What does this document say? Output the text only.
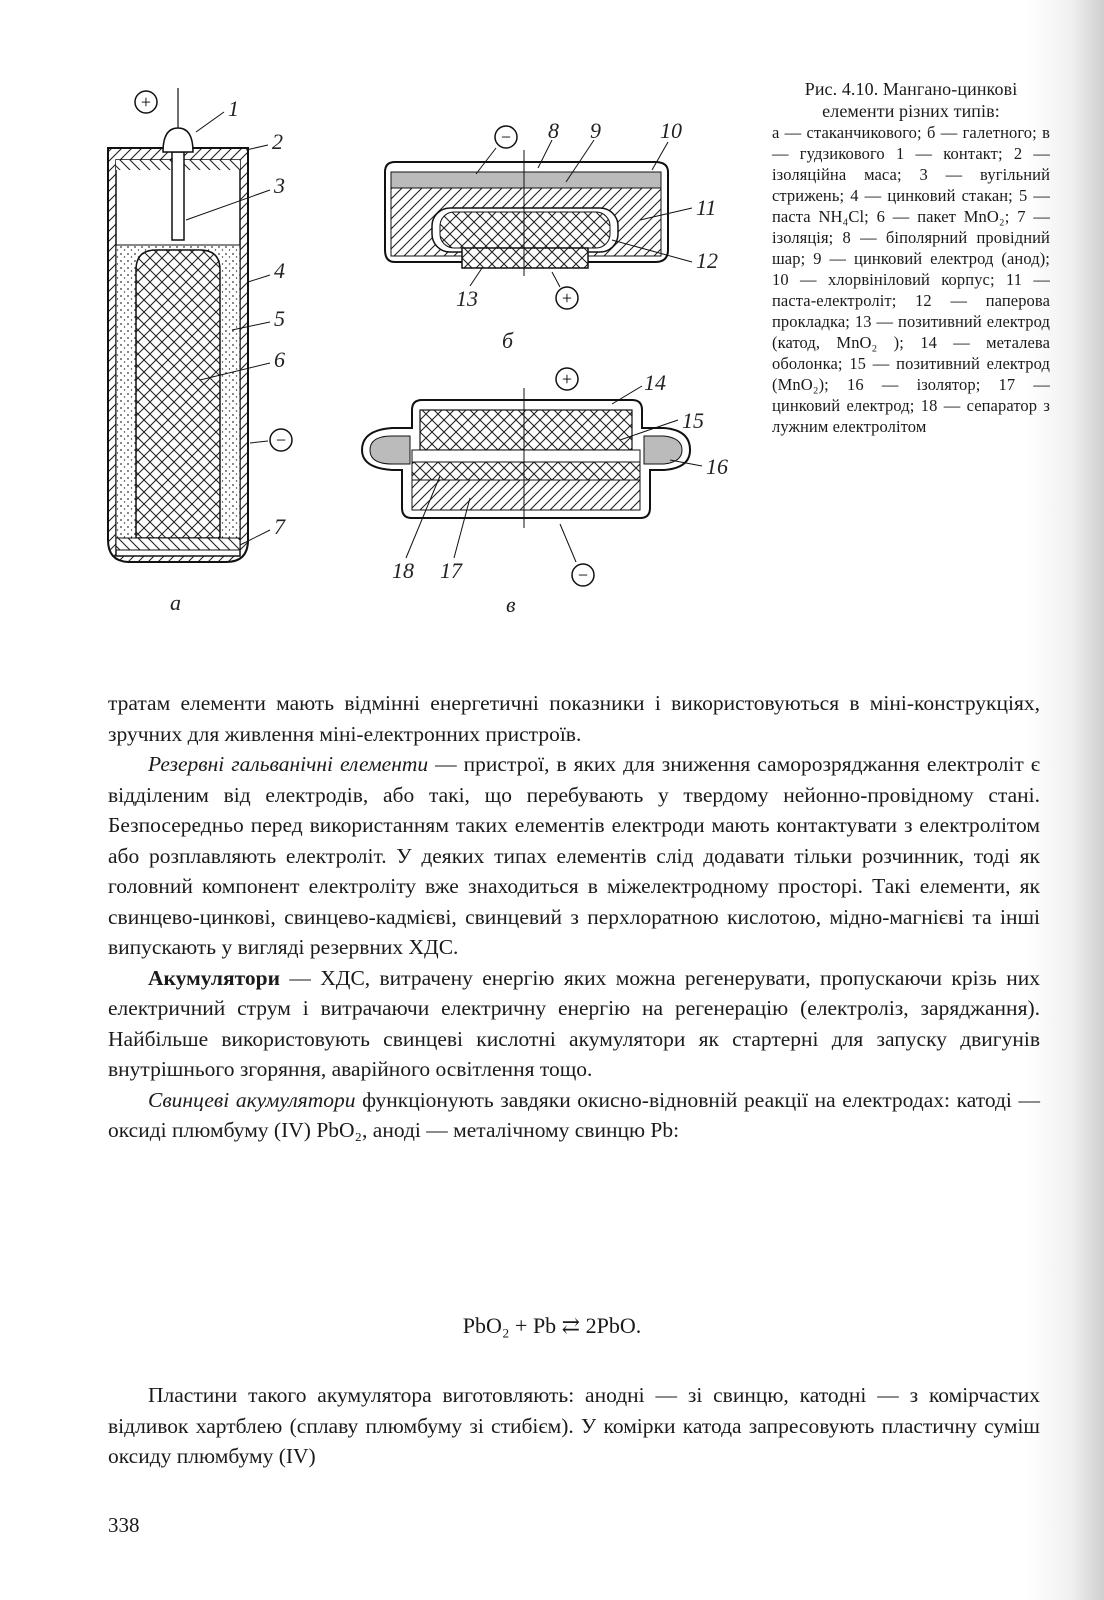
+	1
2
3
4
5
6
−
7
а
− 8 9	10
11
12
13	+
б
+	14
15
16
18 17	−
в

Рис. 4.10. Мангано-цинкові елементи різних типів:

а — стаканчикового; б — галетного; в — гудзикового 1 — контакт; 2 — ізоляційна маса; 3 — вугільний стрижень; 4 — цинковий стакан; 5 — паста NH₄Cl; 6 — пакет MnO₂; 7 — ізоляція; 8 — біполярний провідний шар; 9 — цинковий електрод (анод); 10 — хлорвініловий корпус; 11 — паста-електроліт; 12 — паперова прокладка; 13 — позитивний електрод (катод, MnO₂ ); 14 — металева оболонка; 15 — позитивний електрод (MnO₂); 16 — ізолятор; 17 — цинковий електрод; 18 — сепаратор з лужним електролітом

тратам елементи мають відмінні енергетичні показники і використовуються в міні-конструкціях, зручних для живлення міні-електронних пристроїв.

Резервні гальванічні елементи — пристрої, в яких для зниження саморозряджання електроліт є відділеним від електродів, або такі, що перебувають у твердому нейонно-провідному стані. Безпосередньо перед використанням таких елементів електроди мають контактувати з електролітом або розплавляють електроліт. У деяких типах елементів слід додавати тільки розчинник, тоді як головний компонент електроліту вже знаходиться в міжелектродному просторі. Такі елементи, як свинцево-цинкові, свинцево-кадмієві, свинцевий з перхлоратною кислотою, мідно-магнієві та інші випускають у вигляді резервних ХДС.

Акумулятори — ХДС, витрачену енергію яких можна регенерувати, пропускаючи крізь них електричний струм і витрачаючи електричну енергію на регенерацію (електроліз, заряджання). Найбільше використовують свинцеві кислотні акумулятори як стартерні для запуску двигунів внутрішнього згоряння, аварійного освітлення тощо.

Свинцеві акумулятори функціонують завдяки окисно-відновній реакції на електродах: катоді — оксиді плюмбуму (IV) PbO₂, аноді — металічному свинцю Pb:

PbO₂ + Pb ⇄ 2PbO.

Пластини такого акумулятора виготовляють: анодні — зі свинцю, катодні — з комірчастих відливок хартблею (сплаву плюмбуму зі стибієм). У комірки катода запресовують пластичну суміш оксиду плюмбуму (IV)

338
